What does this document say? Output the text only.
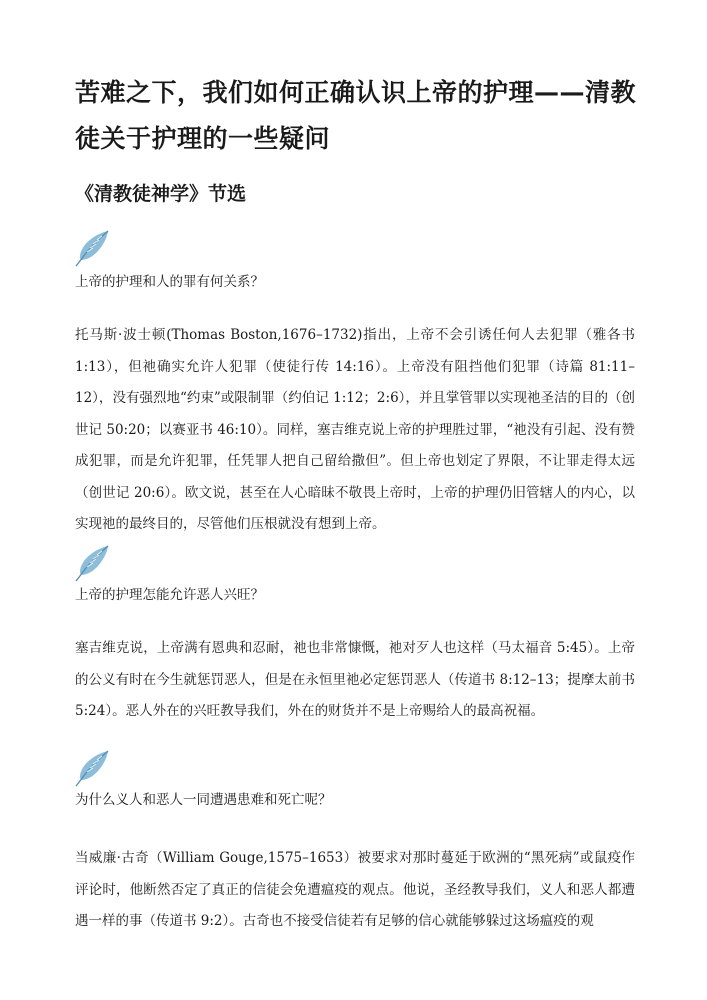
苦难之下，我们如何正确认识上帝的护理——清教徒关于护理的一些疑问
《清教徒神学》节选

上帝的护理和人的罪有何关系？

托马斯·波士顿(Thomas Boston,1676–1732)指出，上帝不会引诱任何人去犯罪（雅各书 1:13），但祂确实允许人犯罪（使徒行传 14:16）。上帝没有阻挡他们犯罪（诗篇 81:11–12），没有强烈地“约束”或限制罪（约伯记 1:12；2:6），并且掌管罪以实现祂圣洁的目的（创世记 50:20；以赛亚书 46:10）。同样，塞吉维克说上帝的护理胜过罪，“祂没有引起、没有赞成犯罪，而是允许犯罪，任凭罪人把自己留给撒但”。但上帝也划定了界限，不让罪走得太远（创世记 20:6）。欧文说，甚至在人心暗昧不敬畏上帝时，上帝的护理仍旧管辖人的内心，以实现祂的最终目的，尽管他们压根就没有想到上帝。

上帝的护理怎能允许恶人兴旺？

塞吉维克说，上帝满有恩典和忍耐，祂也非常慷慨，祂对歹人也这样（马太福音 5:45）。上帝的公义有时在今生就惩罚恶人，但是在永恒里祂必定惩罚恶人（传道书 8:12–13；提摩太前书 5:24）。恶人外在的兴旺教导我们，外在的财货并不是上帝赐给人的最高祝福。

为什么义人和恶人一同遭遇患难和死亡呢？

当威廉·古奇（William Gouge,1575–1653）被要求对那时蔓延于欧洲的“黑死病”或鼠疫作评论时，他断然否定了真正的信徒会免遭瘟疫的观点。他说，圣经教导我们，义人和恶人都遭遇一样的事（传道书 9:2）。古奇也不接受信徒若有足够的信心就能够躲过这场瘟疫的观
